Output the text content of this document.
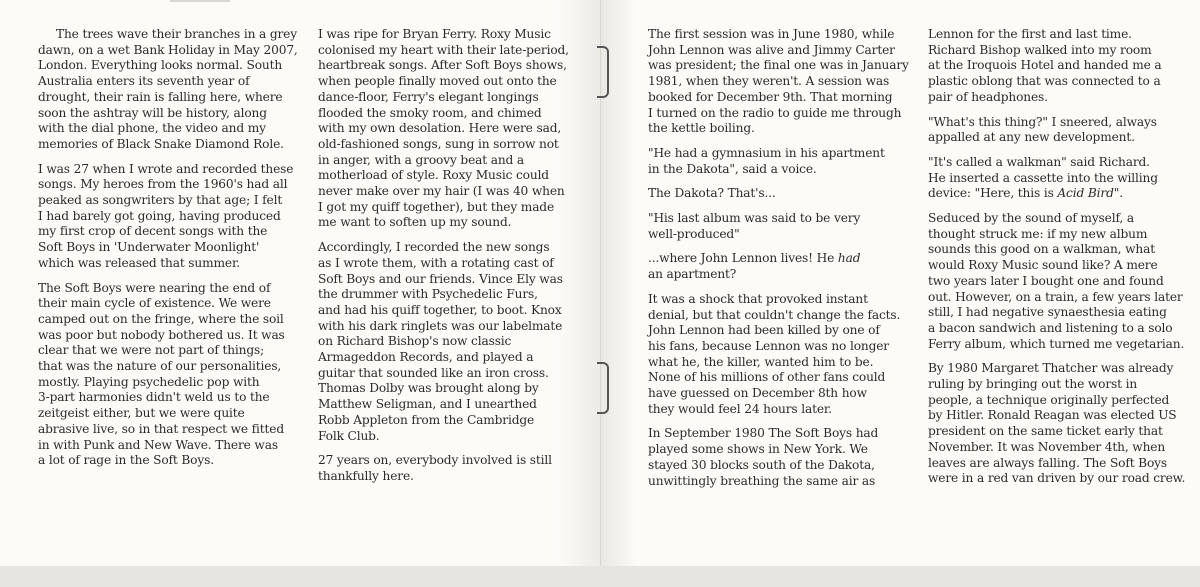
The trees wave their branches in a grey
dawn, on a wet Bank Holiday in May 2007,
London. Everything looks normal. South
Australia enters its seventh year of
drought, their rain is falling here, where
soon the ashtray will be history, along
with the dial phone, the video and my
memories of Black Snake Diamond Role.

I was 27 when I wrote and recorded these
songs. My heroes from the 1960's had all
peaked as songwriters by that age; I felt
I had barely got going, having produced
my first crop of decent songs with the
Soft Boys in 'Underwater Moonlight'
which was released that summer.

The Soft Boys were nearing the end of
their main cycle of existence. We were
camped out on the fringe, where the soil
was poor but nobody bothered us. It was
clear that we were not part of things;
that was the nature of our personalities,
mostly. Playing psychedelic pop with
3-part harmonies didn't weld us to the
zeitgeist either, but we were quite
abrasive live, so in that respect we fitted
in with Punk and New Wave. There was
a lot of rage in the Soft Boys.

I was ripe for Bryan Ferry. Roxy Music
colonised my heart with their late-period,
heartbreak songs. After Soft Boys shows,
when people finally moved out onto the
dance-floor, Ferry's elegant longings
flooded the smoky room, and chimed
with my own desolation. Here were sad,
old-fashioned songs, sung in sorrow not
in anger, with a groovy beat and a
motherload of style. Roxy Music could
never make over my hair (I was 40 when
I got my quiff together), but they made
me want to soften up my sound.

Accordingly, I recorded the new songs
as I wrote them, with a rotating cast of
Soft Boys and our friends. Vince Ely was
the drummer with Psychedelic Furs,
and had his quiff together, to boot. Knox
with his dark ringlets was our labelmate
on Richard Bishop's now classic
Armageddon Records, and played a
guitar that sounded like an iron cross.
Thomas Dolby was brought along by
Matthew Seligman, and I unearthed
Robb Appleton from the Cambridge
Folk Club.

27 years on, everybody involved is still
thankfully here.

The first session was in June 1980, while
John Lennon was alive and Jimmy Carter
was president; the final one was in January
1981, when they weren't. A session was
booked for December 9th. That morning
I turned on the radio to guide me through
the kettle boiling.

"He had a gymnasium in his apartment
in the Dakota", said a voice.

The Dakota? That's...

"His last album was said to be very
well-produced"

...where John Lennon lives! He had
an apartment?

It was a shock that provoked instant
denial, but that couldn't change the facts.
John Lennon had been killed by one of
his fans, because Lennon was no longer
what he, the killer, wanted him to be.
None of his millions of other fans could
have guessed on December 8th how
they would feel 24 hours later.

In September 1980 The Soft Boys had
played some shows in New York. We
stayed 30 blocks south of the Dakota,
unwittingly breathing the same air as

Lennon for the first and last time.
Richard Bishop walked into my room
at the Iroquois Hotel and handed me a
plastic oblong that was connected to a
pair of headphones.

"What's this thing?" I sneered, always
appalled at any new development.

"It's called a walkman" said Richard.
He inserted a cassette into the willing
device: "Here, this is Acid Bird".

Seduced by the sound of myself, a
thought struck me: if my new album
sounds this good on a walkman, what
would Roxy Music sound like? A mere
two years later I bought one and found
out. However, on a train, a few years later
still, I had negative synaesthesia eating
a bacon sandwich and listening to a solo
Ferry album, which turned me vegetarian.

By 1980 Margaret Thatcher was already
ruling by bringing out the worst in
people, a technique originally perfected
by Hitler. Ronald Reagan was elected US
president on the same ticket early that
November. It was November 4th, when
leaves are always falling. The Soft Boys
were in a red van driven by our road crew.
